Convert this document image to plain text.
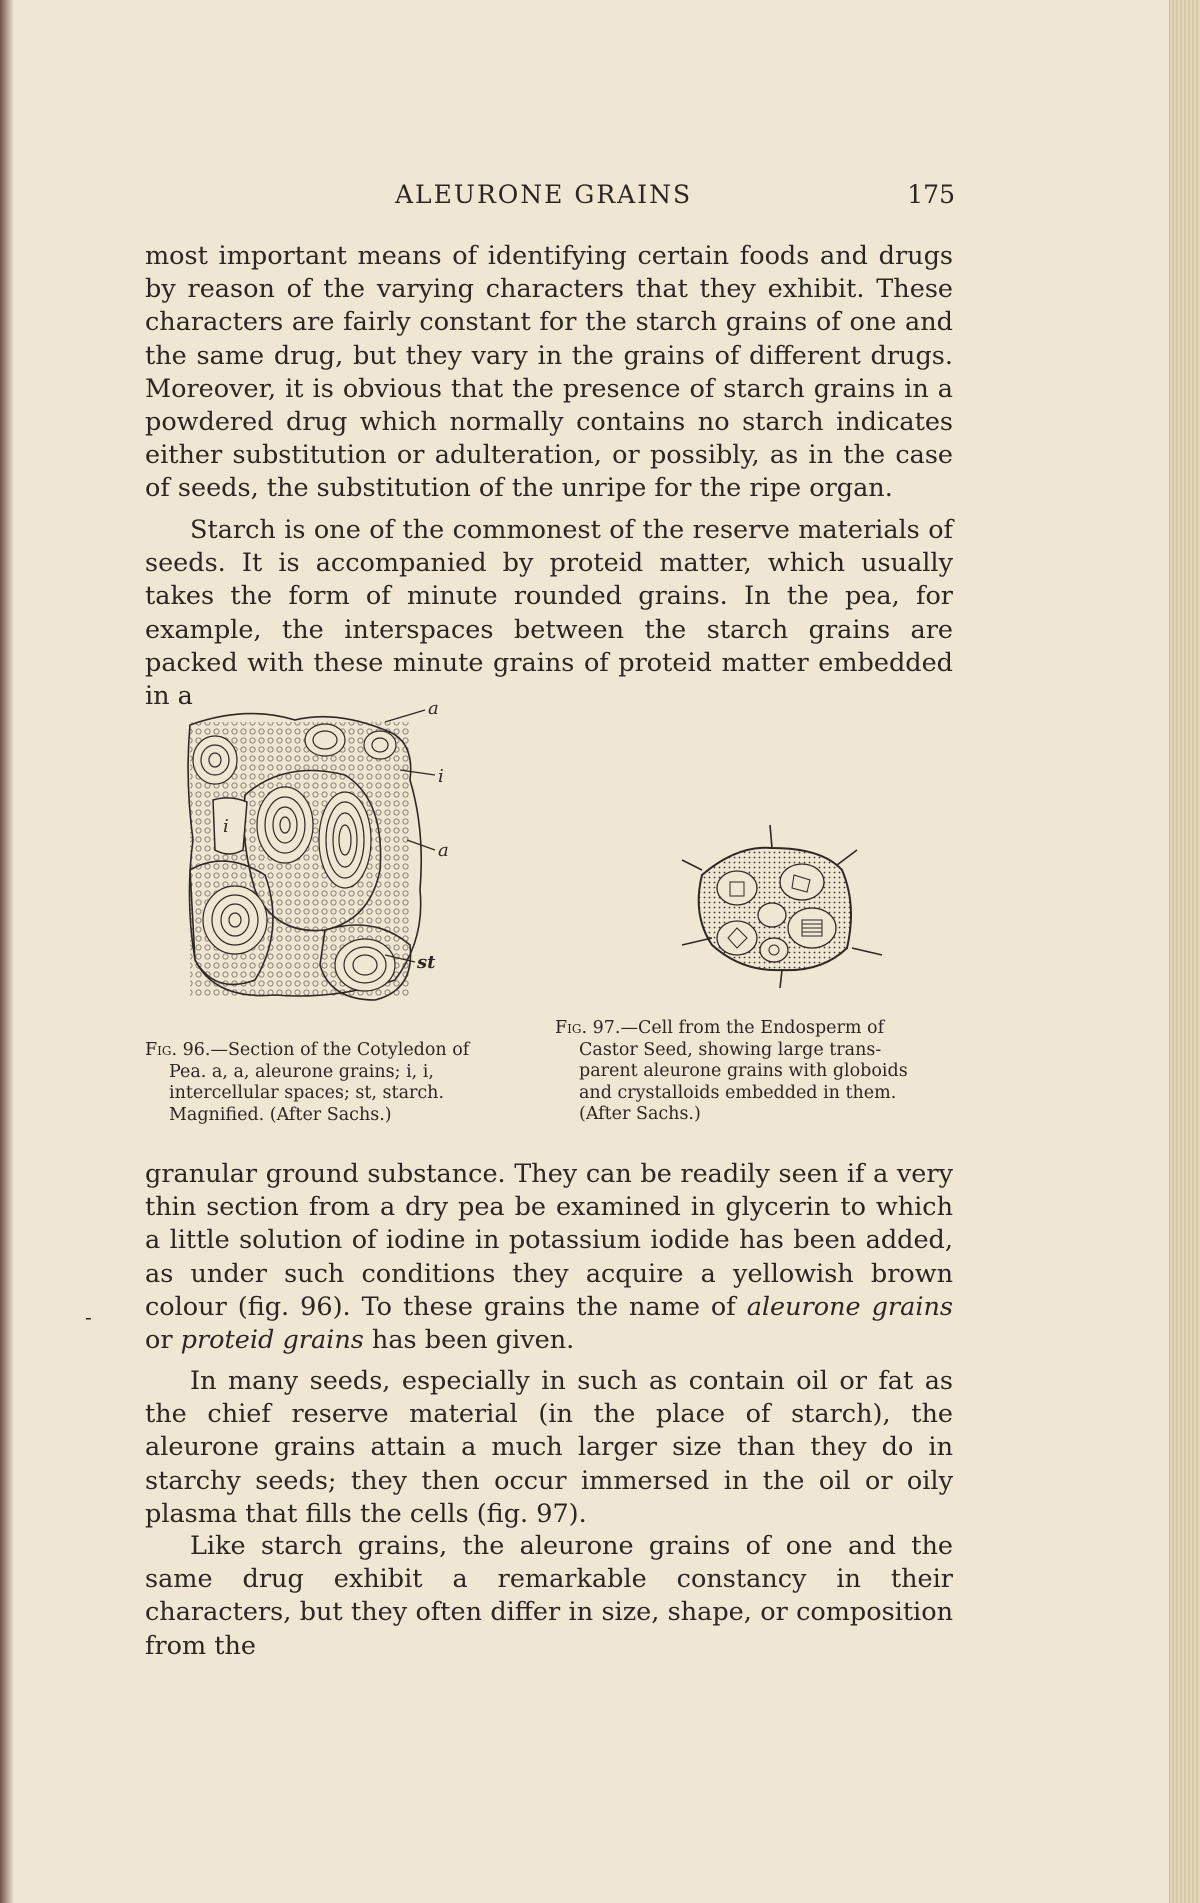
ALEURONE GRAINS	175

most important means of identifying certain foods and drugs by reason of the varying characters that they exhibit. These characters are fairly constant for the starch grains of one and the same drug, but they vary in the grains of different drugs. Moreover, it is obvious that the presence of starch grains in a powdered drug which normally contains no starch indicates either substitution or adulteration, or possibly, as in the case of seeds, the substitution of the unripe for the ripe organ.

Starch is one of the commonest of the reserve materials of seeds. It is accompanied by proteid matter, which usually takes the form of minute rounded grains. In the pea, for example, the interspaces between the starch grains are packed with these minute grains of proteid matter embedded in a	a
i
i
a
st

Fig. 96.—Section of the Cotyledon of
Pea. a, a, aleurone grains; i, i,
intercellular spaces; st, starch.
Magnified. (After Sachs.)

Fig. 97.—Cell from the Endosperm of
Castor Seed, showing large trans-
parent aleurone grains with globoids
and crystalloids embedded in them.
(After Sachs.)

granular ground substance. They can be readily seen if a very thin section from a dry pea be examined in glycerin to which a little solution of iodine in potassium iodide has been added, as under such conditions they acquire a yellowish brown colour (fig. 96). To these grains the name of aleurone grains or proteid grains has been given.

In many seeds, especially in such as contain oil or fat as the chief reserve material (in the place of starch), the aleurone grains attain a much larger size than they do in starchy seeds; they then occur immersed in the oil or oily plasma that fills the cells (fig. 97).

Like starch grains, the aleurone grains of one and the same drug exhibit a remarkable constancy in their characters, but they often differ in size, shape, or composition from the

-
